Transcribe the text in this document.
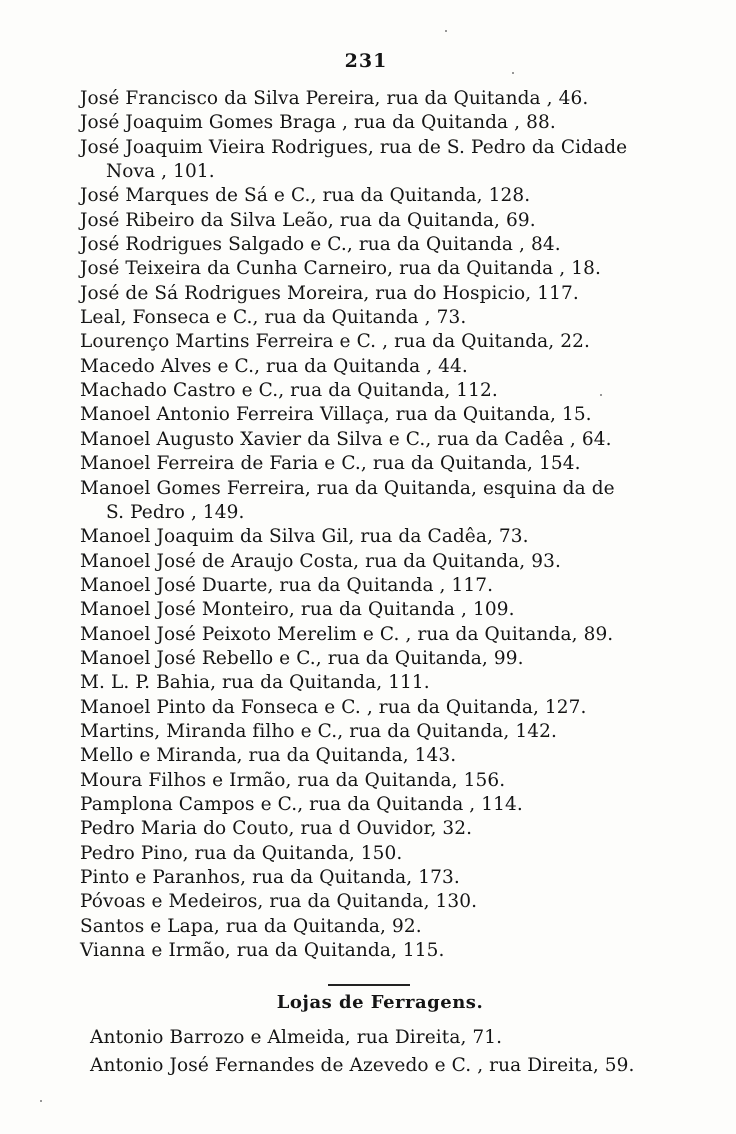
231
José Francisco da Silva Pereira, rua da Quitanda , 46.
José Joaquim Gomes Braga , rua da Quitanda , 88.
José Joaquim Vieira Rodrigues, rua de S. Pedro da Cidade
Nova , 101.
José Marques de Sá e C., rua da Quitanda, 128.
José Ribeiro da Silva Leão, rua da Quitanda, 69.
José Rodrigues Salgado e C., rua da Quitanda , 84.
José Teixeira da Cunha Carneiro, rua da Quitanda , 18.
José de Sá Rodrigues Moreira, rua do Hospicio, 117.
Leal, Fonseca e C., rua da Quitanda , 73.
Lourenço Martins Ferreira e C. , rua da Quitanda, 22.
Macedo Alves e C., rua da Quitanda , 44.
Machado Castro e C., rua da Quitanda, 112.
Manoel Antonio Ferreira Villaça, rua da Quitanda, 15.
Manoel Augusto Xavier da Silva e C., rua da Cadêa , 64.
Manoel Ferreira de Faria e C., rua da Quitanda, 154.
Manoel Gomes Ferreira, rua da Quitanda, esquina da de
S. Pedro , 149.
Manoel Joaquim da Silva Gil, rua da Cadêa, 73.
Manoel José de Araujo Costa, rua da Quitanda, 93.
Manoel José Duarte, rua da Quitanda , 117.
Manoel José Monteiro, rua da Quitanda , 109.
Manoel José Peixoto Merelim e C. , rua da Quitanda, 89.
Manoel José Rebello e C., rua da Quitanda, 99.
M. L. P. Bahia, rua da Quitanda, 111.
Manoel Pinto da Fonseca e C. , rua da Quitanda, 127.
Martins, Miranda filho e C., rua da Quitanda, 142.
Mello e Miranda, rua da Quitanda, 143.
Moura Filhos e Irmão, rua da Quitanda, 156.
Pamplona Campos e C., rua da Quitanda , 114.
Pedro Maria do Couto, rua d Ouvidor, 32.
Pedro Pino, rua da Quitanda, 150.
Pinto e Paranhos, rua da Quitanda, 173.
Póvoas e Medeiros, rua da Quitanda, 130.
Santos e Lapa, rua da Quitanda, 92.
Vianna e Irmão, rua da Quitanda, 115.
Lojas de Ferragens.
Antonio Barrozo e Almeida, rua Direita, 71.
Antonio José Fernandes de Azevedo e C. , rua Direita, 59.
